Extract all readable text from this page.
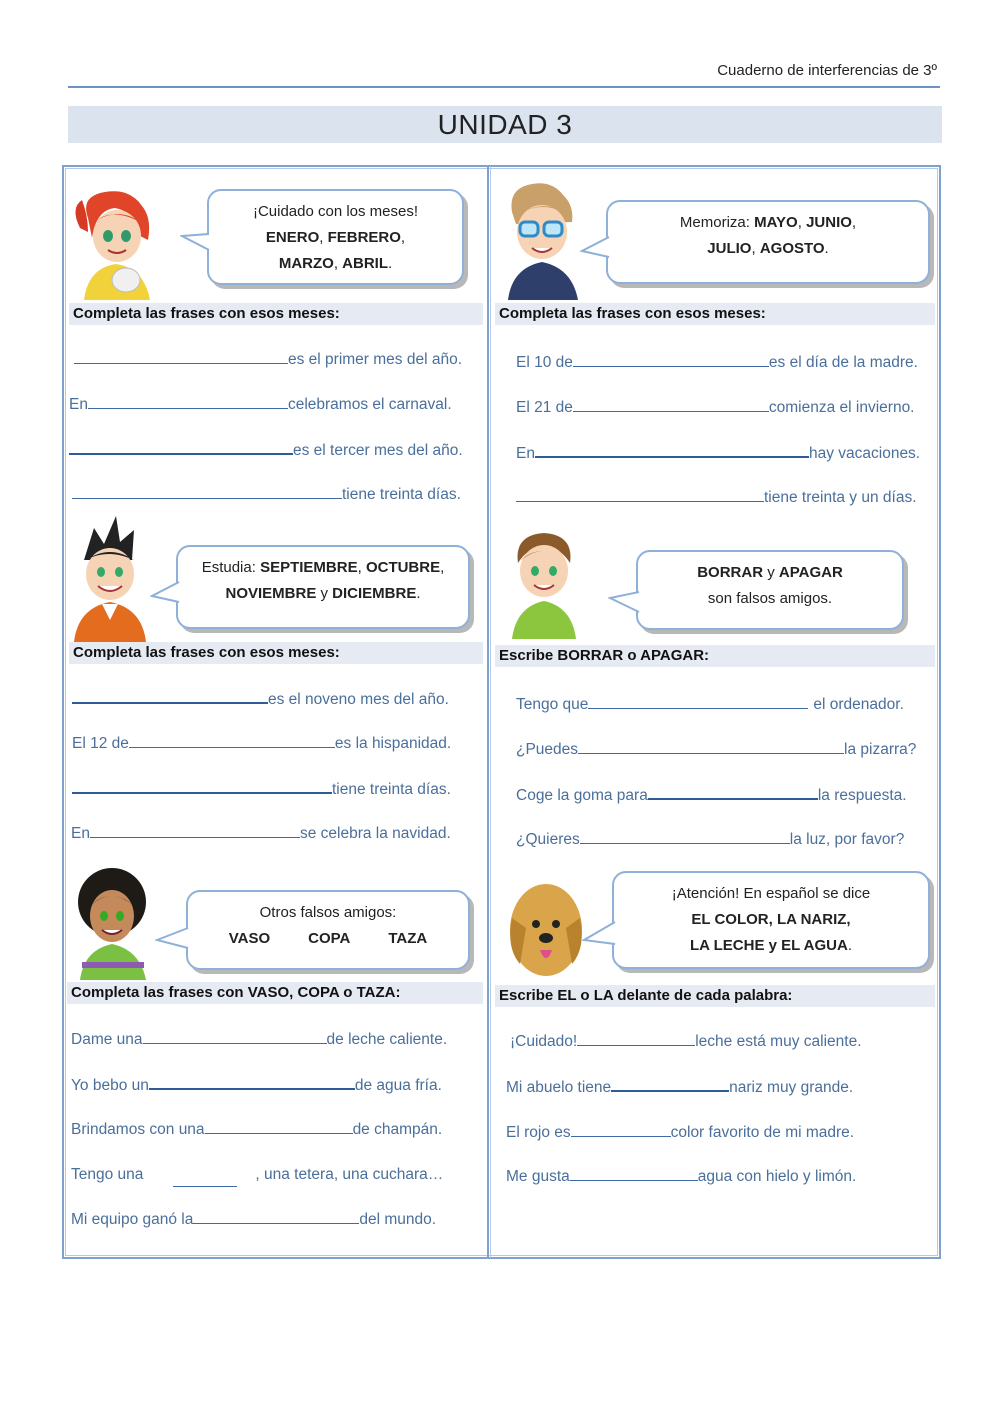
Cuaderno de interferencias de 3º
UNIDAD 3
¡Cuidado con los meses!
ENERO, FEBRERO,
MARZO, ABRIL.
Completa las frases con esos meses:
es el primer mes del año.
En	celebramos el carnaval.
es el tercer mes del año.
tiene treinta días.
Memoriza: MAYO, JUNIO,
JULIO, AGOSTO.
Completa las frases con esos meses:
El 10 de	es el día de la madre.
El 21 de	comienza el invierno.
En	hay vacaciones.
tiene treinta y un días.
Estudia: SEPTIEMBRE, OCTUBRE,
NOVIEMBRE y DICIEMBRE.
Completa las frases con esos meses:
es el noveno mes del año.
El 12 de	es la hispanidad.
tiene treinta días.
En	se celebra la navidad.
BORRAR y APAGAR
son falsos amigos.
Escribe BORRAR o APAGAR:
Tengo que	el ordenador.
¿Puedes	la pizarra?
Coge la goma para	la respuesta.
¿Quieres	la luz, por favor?
Otros falsos amigos:
VASO	COPA	TAZA
Completa las frases con VASO, COPA o TAZA:
Dame una	de leche caliente.
Yo bebo un	de agua fría.
Brindamos con una	de champán.
Tengo una	, una tetera, una cuchara…
Mi equipo ganó la	del mundo.
¡Atención! En español se dice
EL COLOR, LA NARIZ,
LA LECHE y EL AGUA.
Escribe EL o LA delante de cada palabra:
¡Cuidado!	leche está muy caliente.
Mi abuelo tiene	nariz muy grande.
El rojo es	color favorito de mi madre.
Me gusta	agua con hielo y limón.
